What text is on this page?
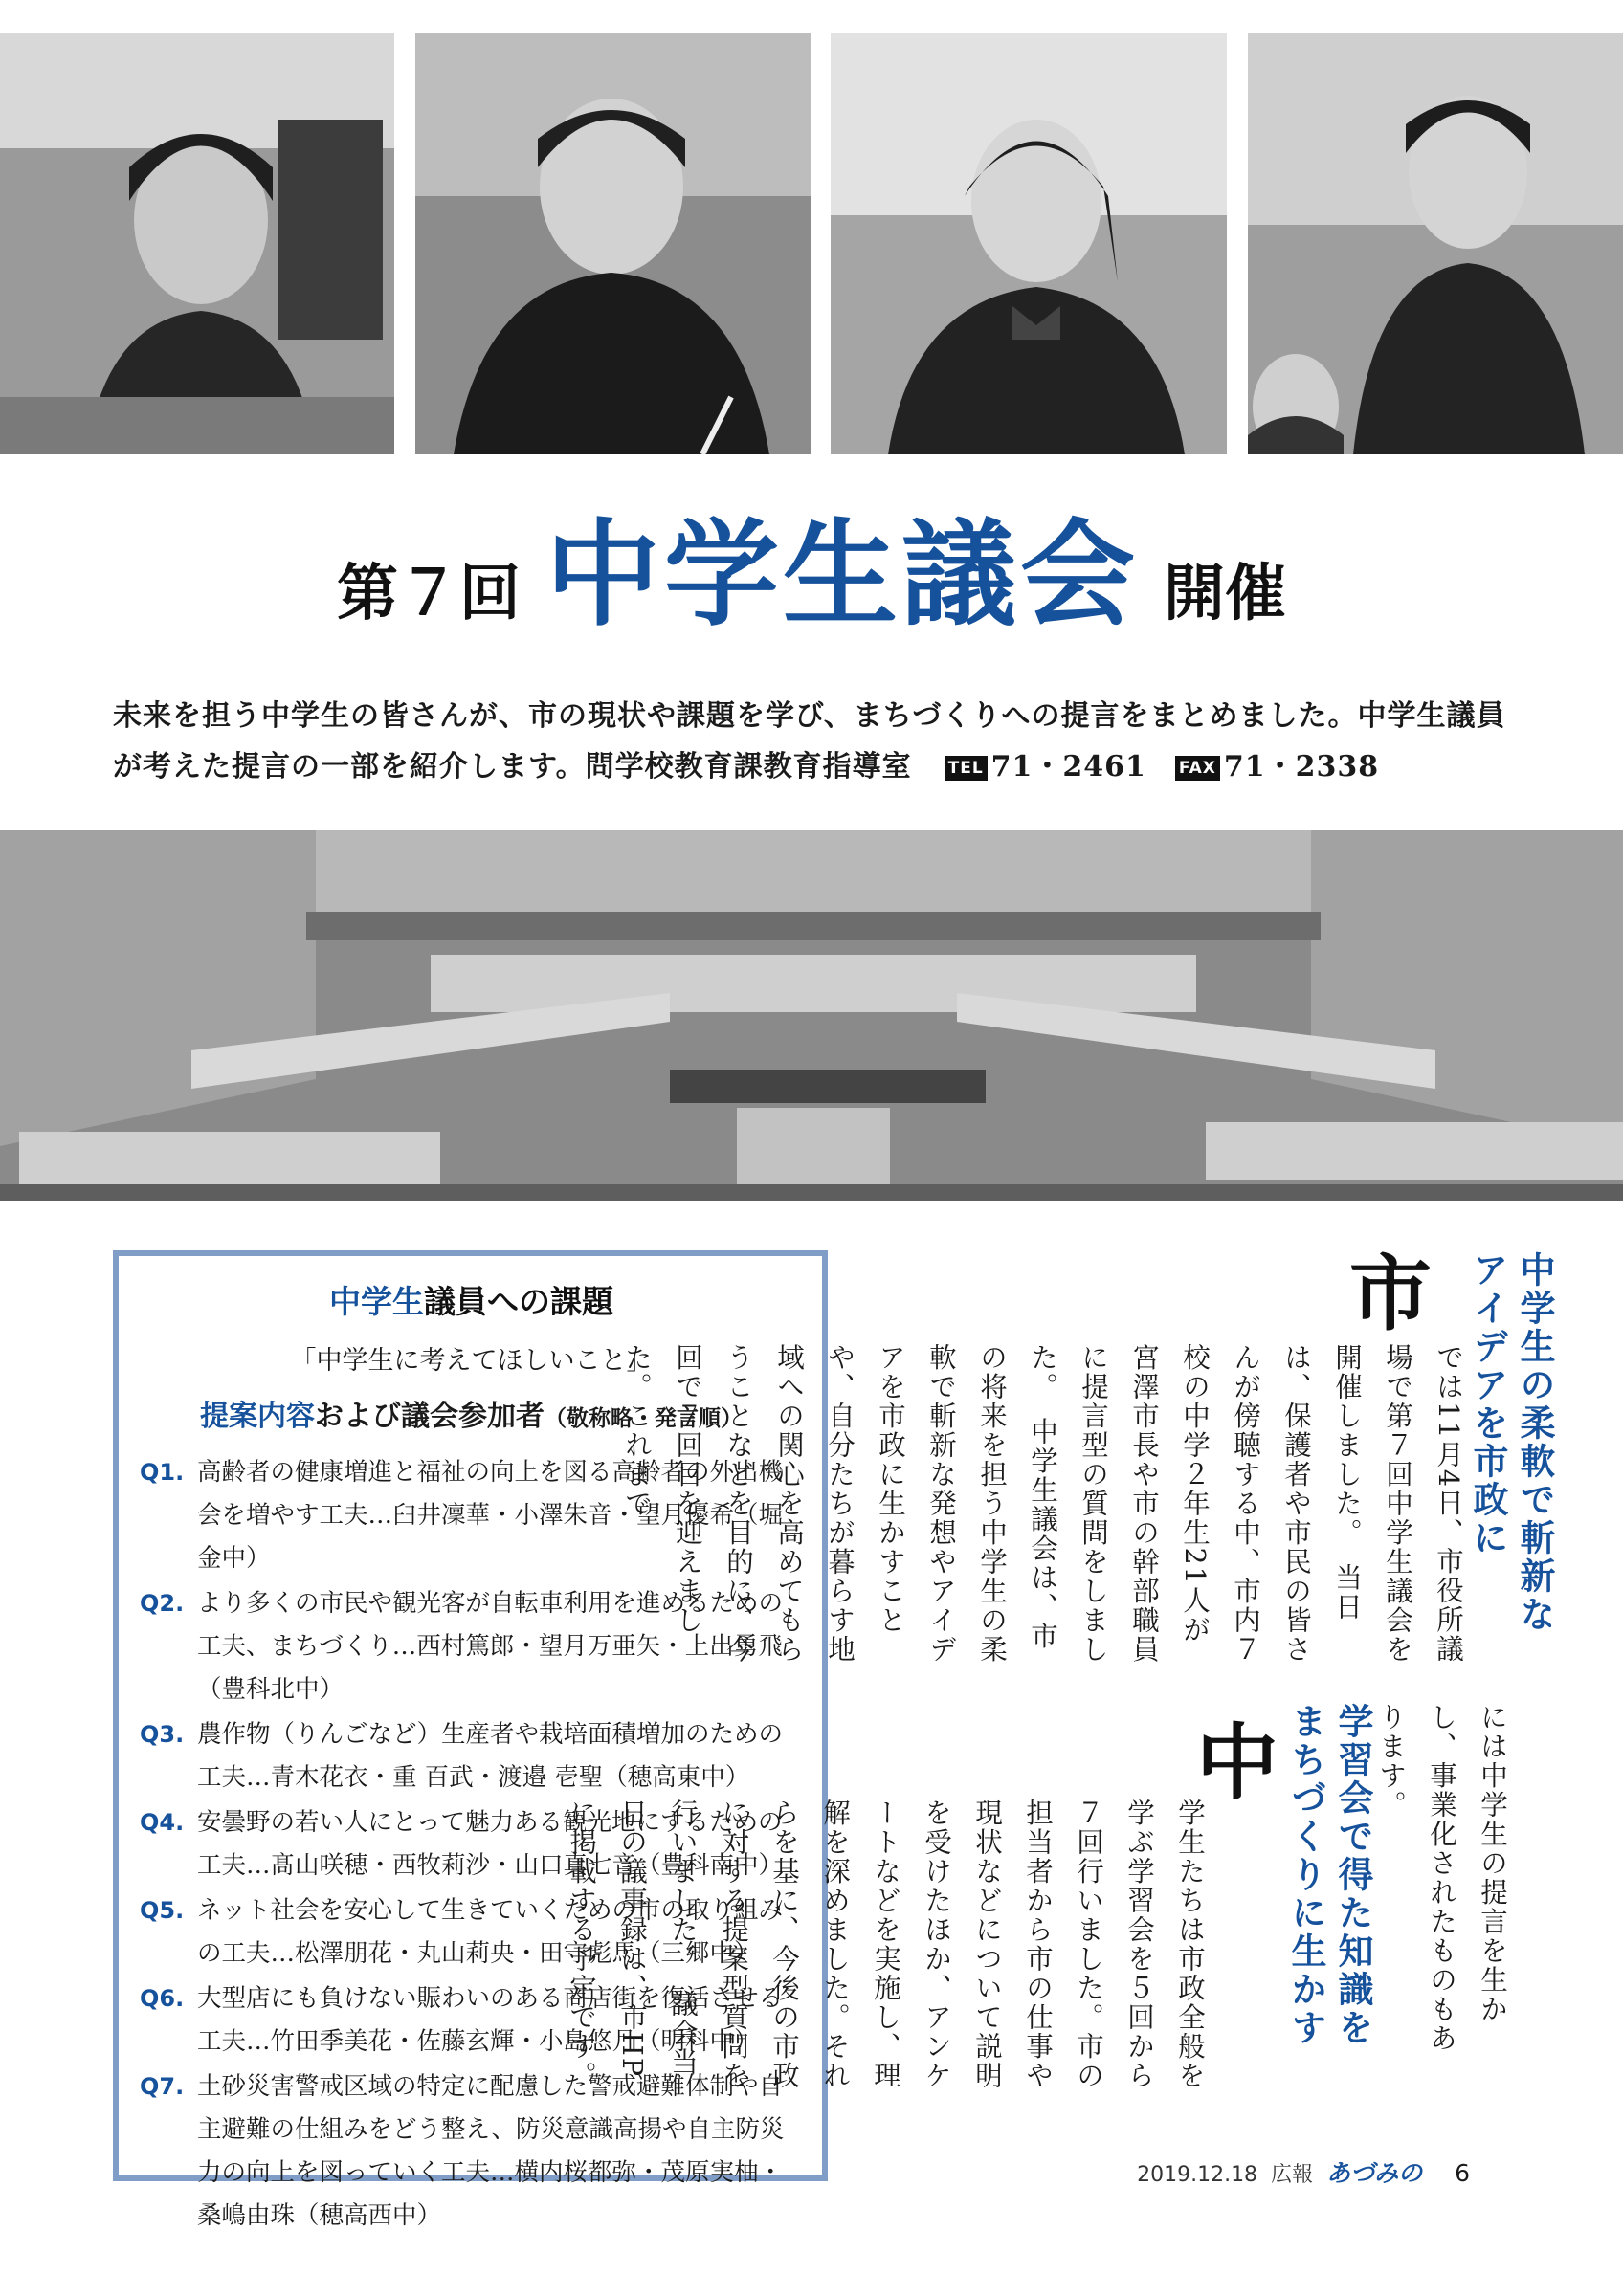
第７回 中学生議会 開催
未来を担う中学生の皆さんが、市の現状や課題を学び、まちづくりへの提言をまとめました。中学生議員が考えた提言の一部を紹介します。問学校教育課教育指導室 TEL 71・2461 FAX 71・2338
中学生議員への課題
「中学生に考えてほしいこと」
提案内容および議会参加者（敬称略・発言順）
Q1. 高齢者の健康増進と福祉の向上を図る高齢者の外出機会を増やす工夫…臼井凜華・小澤朱音・望月優希（堀金中）
Q2. より多くの市民や観光客が自転車利用を進めるための工夫、まちづくり…西村篤郎・望月万亜矢・上出勇飛（豊科北中）
Q3. 農作物（りんごなど）生産者や栽培面積増加のための工夫…青木花衣・重 百武・渡邉 壱聖（穂高東中）
Q4. 安曇野の若い人にとって魅力ある観光地にするための工夫…髙山咲穂・西牧莉沙・山口真七音（豊科南中）
Q5. ネット社会を安心して生きていくための市の取り組みの工夫…松澤朋花・丸山莉央・田守彪馬（三郷中）
Q6. 大型店にも負けない賑わいのある商店街を復活させる工夫…竹田季美花・佐藤玄輝・小島悠月（明科中）
Q7. 土砂災害警戒区域の特定に配慮した警戒避難体制や自主避難の仕組みをどう整え、防災意識高揚や自主防災力の向上を図っていく工夫…横内桜都弥・茂原実柚・桑嶋由珠（穂高西中）
中学生の柔軟で斬新なアイデアを市政に
市
では11月4日、市役所議場で第７回中学生議会を開催しました。　当日は、保護者や市民の皆さんが傍聴する中、市内７校の中学２年生21人が宮澤市長や市の幹部職員に提言型の質問をしました。　中学生議会は、市の将来を担う中学生の柔軟で斬新な発想やアイデアを市政に生かすことや、自分たちが暮らす地域への関心を高めてもらうことなどを目的に、今回で７回目を迎えました。これまで
には中学生の提言を生かし、事業化されたものもあります。
学習会で得た知識をまちづくりに生かす
中
学生たちは市政全般を学ぶ学習会を５回から７回行いました。市の担当者から市の仕事や現状などについて説明を受けたほか、アンケートなどを実施し、理解を深めました。それらを基に、今後の市政に対する提案型質問を行いました。　議会当日の議事録は、市HPに掲載する予定です。
2019.12.18 広報 あづみの 6
